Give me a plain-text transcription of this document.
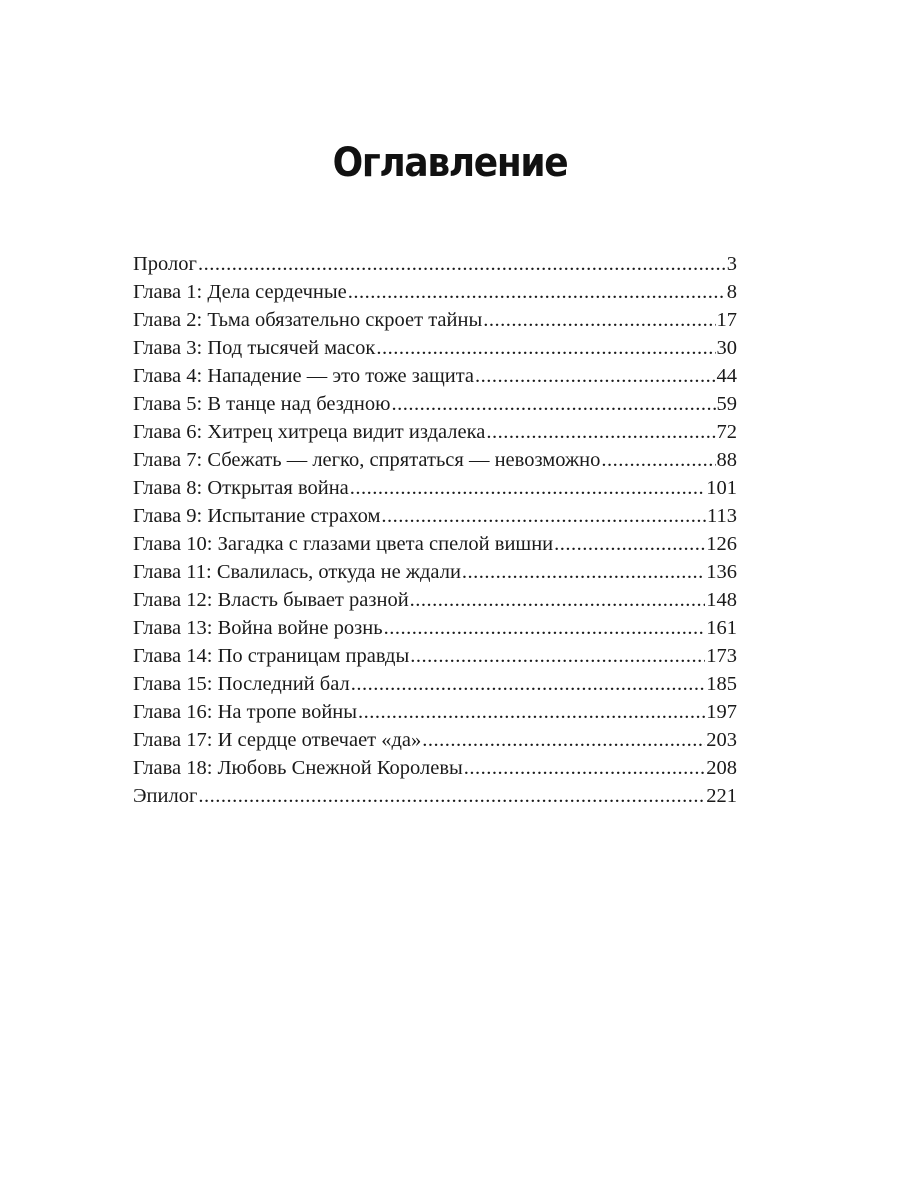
Оглавление
Пролог .....	3
Глава 1: Дела сердечные .....	8
Глава 2: Тьма обязательно скроет тайны .....	17
Глава 3: Под тысячей масок .....	30
Глава 4: Нападение — это тоже защита .....	44
Глава 5: В танце над бездною .....	59
Глава 6: Хитрец хитреца видит издалека .....	72
Глава 7: Сбежать — легко, спрятаться — невозможно .....	88
Глава 8: Открытая война .....	101
Глава 9: Испытание страхом .....	113
Глава 10: Загадка с глазами цвета спелой вишни .....	126
Глава 11: Свалилась, откуда не ждали .....	136
Глава 12: Власть бывает разной .....	148
Глава 13: Война войне рознь .....	161
Глава 14: По страницам правды .....	173
Глава 15: Последний бал .....	185
Глава 16: На тропе войны .....	197
Глава 17: И сердце отвечает «да» .....	203
Глава 18: Любовь Снежной Королевы .....	208
Эпилог .....	221
